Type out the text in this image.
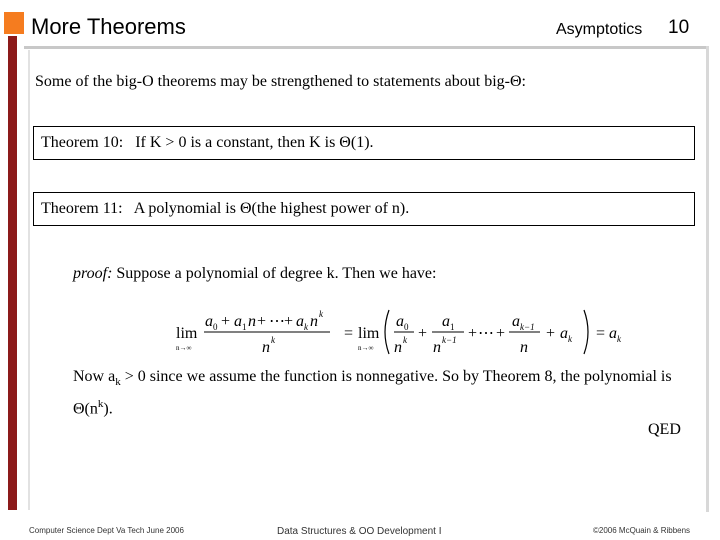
More Theorems	Asymptotics 10
Some of the big-O theorems may be strengthened to statements about big-Θ:
Theorem 10: If K > 0 is a constant, then K is Θ(1).
Theorem 11: A polynomial is Θ(the highest power of n).
proof: Suppose a polynomial of degree k. Then we have:
lim
n→∞
a 0 + a 1 n + ⋯ + a k n k
n k	= lim
n→∞
a 0
n k +
a 1
n k−1 + ⋯ +
a k−1
n
+ a k = a k
Now $a_k > 0$ since we assume the function is nonnegative. So by Theorem 8, the polynomial is $\Theta(n^k)$.
QED
Computer Science Dept Va Tech June 2006	Data Structures & OO Development I	©2006 McQuain & Ribbens
